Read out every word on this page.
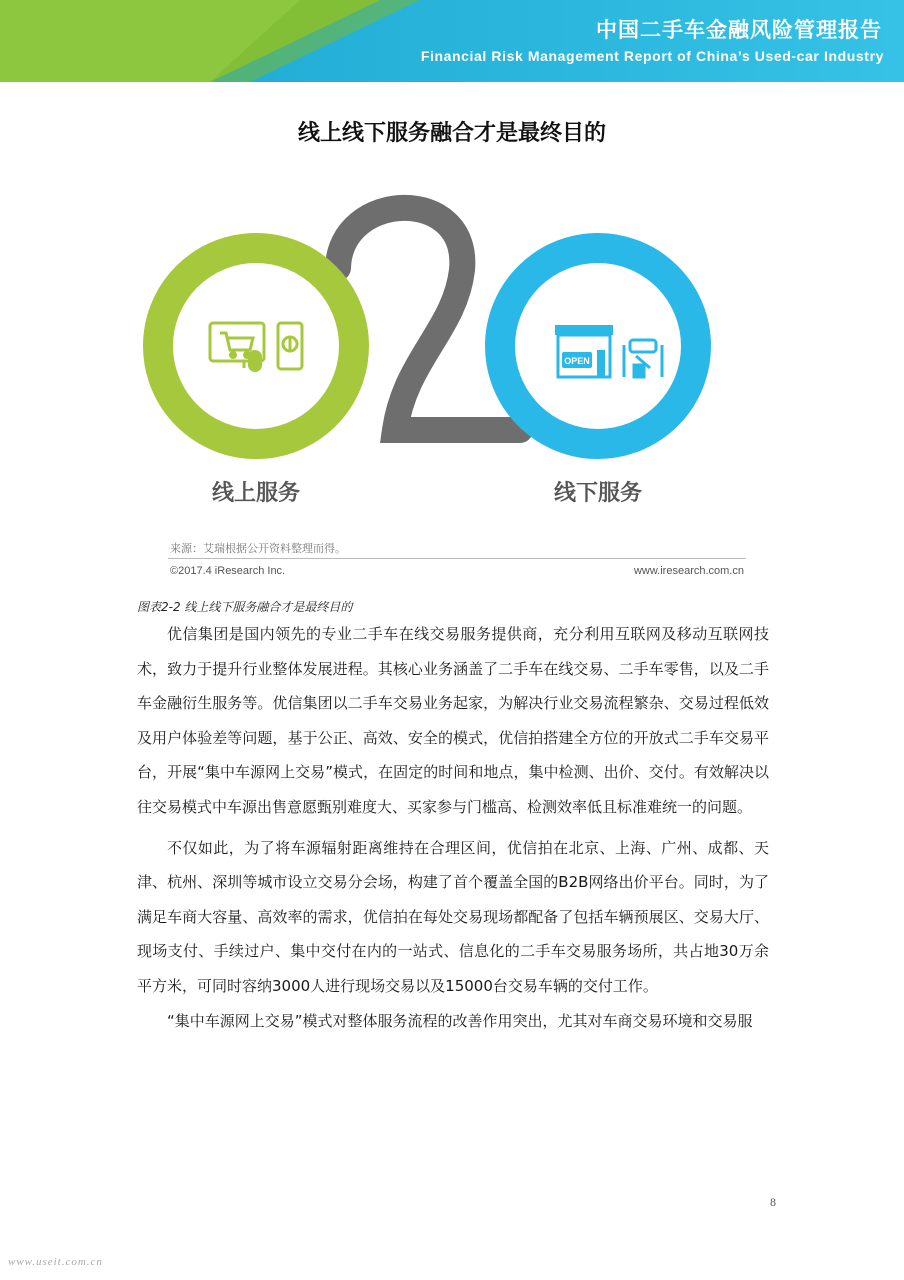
中国二手车金融风险管理报告
Financial Risk Management Report of China’s Used-car Industry
线上线下服务融合才是最终目的
OPEN
线上服务	线下服务
来源：艾瑞根据公开资料整理而得。
©2017.4 iResearch Inc.	www.iresearch.com.cn
图表2-2 线上线下服务融合才是最终目的

优信集团是国内领先的专业二手车在线交易服务提供商，充分利用互联网及移动互联网技术，致力于提升行业整体发展进程。其核心业务涵盖了二手车在线交易、二手车零售，以及二手车金融衍生服务等。优信集团以二手车交易业务起家，为解决行业交易流程繁杂、交易过程低效及用户体验差等问题，基于公正、高效、安全的模式，优信拍搭建全方位的开放式二手车交易平台，开展“集中车源网上交易”模式，在固定的时间和地点，集中检测、出价、交付。有效解决以往交易模式中车源出售意愿甄别难度大、买家参与门槛高、检测效率低且标准难统一的问题。

不仅如此，为了将车源辐射距离维持在合理区间，优信拍在北京、上海、广州、成都、天津、杭州、深圳等城市设立交易分会场，构建了首个覆盖全国的B2B网络出价平台。同时，为了满足车商大容量、高效率的需求，优信拍在每处交易现场都配备了包括车辆预展区、交易大厅、现场支付、手续过户、集中交付在内的一站式、信息化的二手车交易服务场所，共占地30万余平方米，可同时容纳3000人进行现场交易以及15000台交易车辆的交付工作。

“集中车源网上交易”模式对整体服务流程的改善作用突出，尤其对车商交易环境和交易服

8
www.useit.com.cn
